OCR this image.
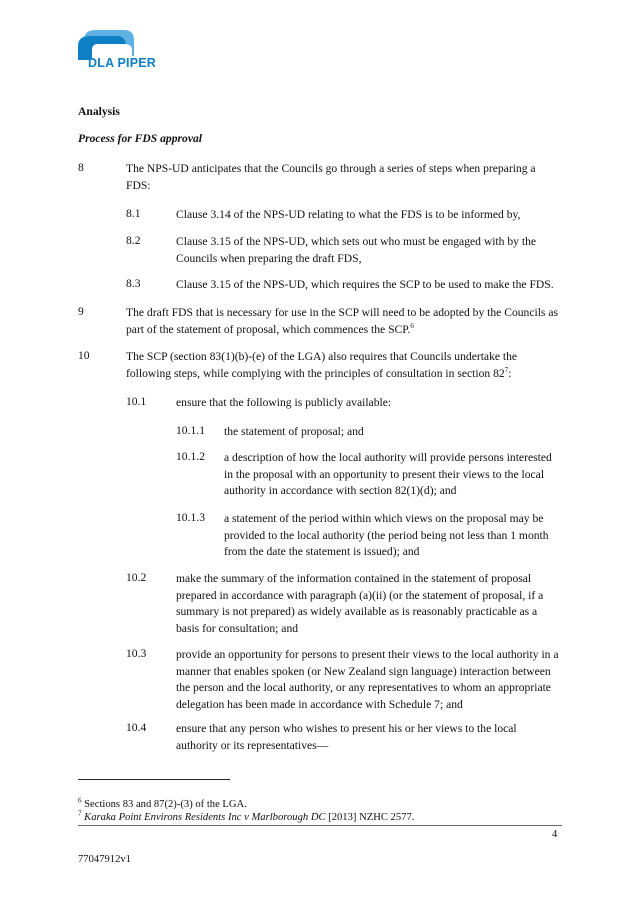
DLA PIPER
Analysis
Process for FDS approval
8	The NPS-UD anticipates that the Councils go through a series of steps when preparing a FDS:
8.1	Clause 3.14 of the NPS-UD relating to what the FDS is to be informed by,
8.2	Clause 3.15 of the NPS-UD, which sets out who must be engaged with by the Councils when preparing the draft FDS,
8.3	Clause 3.15 of the NPS-UD, which requires the SCP to be used to make the FDS.
9	The draft FDS that is necessary for use in the SCP will need to be adopted by the Councils as part of the statement of proposal, which commences the SCP.$^6$
10	The SCP (section 83(1)(b)-(e) of the LGA) also requires that Councils undertake the following steps, while complying with the principles of consultation in section $82^7$:
10.1	ensure that the following is publicly available:
10.1.1 the statement of proposal; and
10.1.2 a description of how the local authority will provide persons interested in the proposal with an opportunity to present their views to the local authority in accordance with section 82(1)(d); and
10.1.3 a statement of the period within which views on the proposal may be provided to the local authority (the period being not less than 1 month from the date the statement is issued); and
10.2	make the summary of the information contained in the statement of proposal prepared in accordance with paragraph (a)(ii) (or the statement of proposal, if a summary is not prepared) as widely available as is reasonably practicable as a basis for consultation; and
10.3	provide an opportunity for persons to present their views to the local authority in a manner that enables spoken (or New Zealand sign language) interaction between the person and the local authority, or any representatives to whom an appropriate delegation has been made in accordance with Schedule 7; and
10.4	ensure that any person who wishes to present his or her views to the local authority or its representatives—
$^6$ Sections 83 and 87(2)-(3) of the LGA.
$^7$ Karaka Point Environs Residents Inc v Marlborough DC [2013] NZHC 2577.
4
77047912v1
